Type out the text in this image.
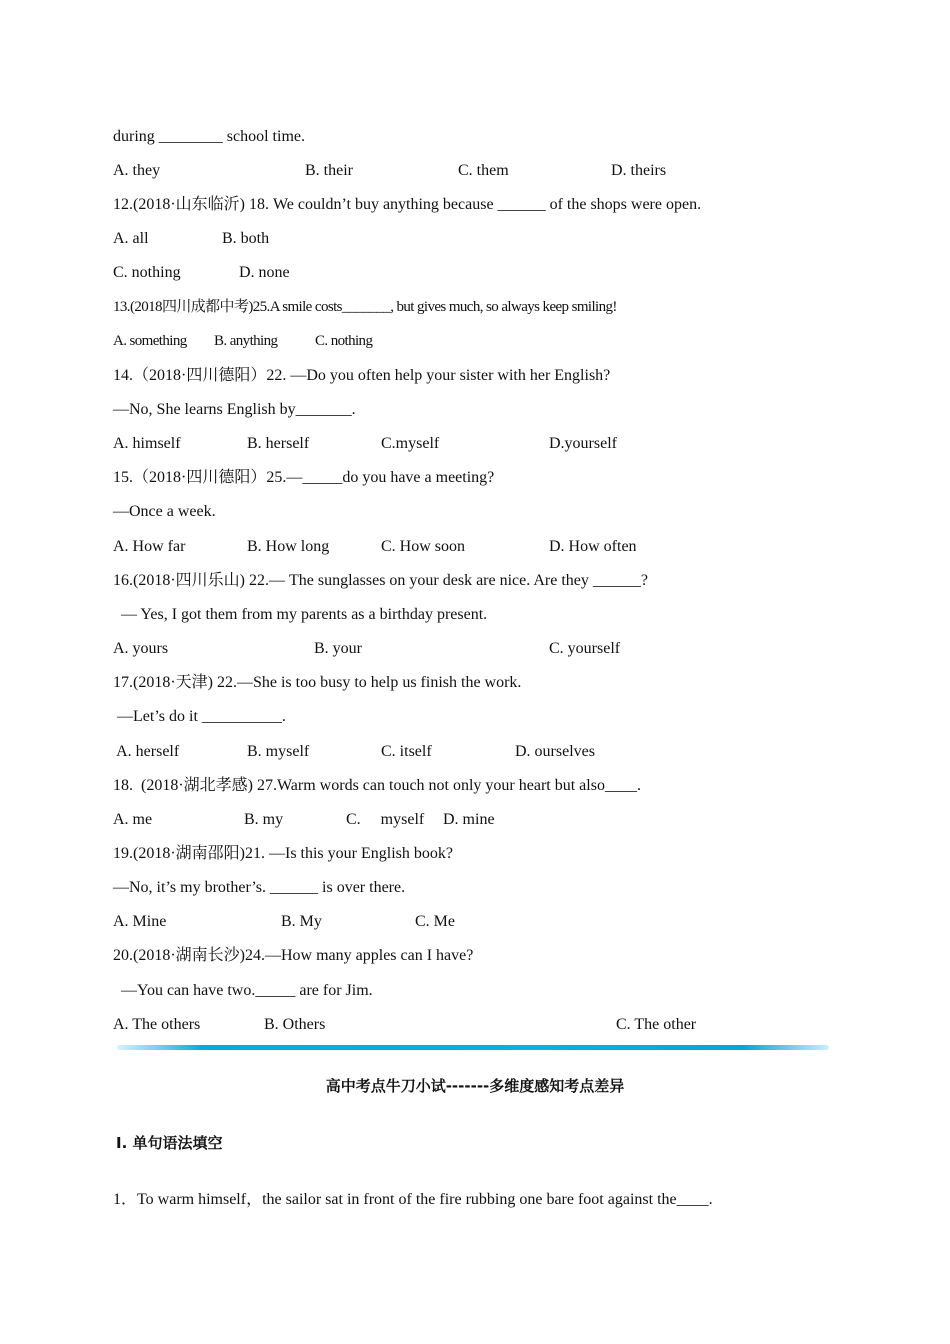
during ________ school time.
A. they	B. their	C. them	D. theirs
12.(2018·山东临沂) 18. We couldn’t buy anything because ______ of the shops were open.
A. all	B. both
C. nothing	D. none
13.(2018四川成都中考)25.A smile costs_______, but gives much, so always keep smiling!
A. something B. anything	C. nothing
14.（2018·四川德阳）22. —Do you often help your sister with her English?
—No, She learns English by_______.
A. himself	B. herself	C.myself	D.yourself
15.（2018·四川德阳）25.—_____do you have a meeting?
—Once a week.
A. How far	B. How long	C. How soon	D. How often
16.(2018·四川乐山) 22.— The sunglasses on your desk are nice. Are they ______?
— Yes, I got them from my parents as a birthday present.
A. yours	B. your	C. yourself
17.(2018·天津) 22.—She is too busy to help us finish the work.
—Let’s do it __________.
A. herself	B. myself	C. itself	D. ourselves
18.  (2018·湖北孝感) 27.Warm words can touch not only your heart but also____.
A. me	B. my	C.     myself D. mine
19.(2018·湖南邵阳)21. —Is this your English book?
—No, it’s my brother’s. ______ is over there.
A. Mine	B. My	C. Me
20.(2018·湖南长沙)24.—How many apples can I have?
—You can have two._____ are for Jim.
A. The others	B. Others	C. The other
高中考点牛刀小试-------多维度感知考点差异
Ⅰ. 单句语法填空
1．To warm himself，the sailor sat in front of the fire rubbing one bare foot against the____.
